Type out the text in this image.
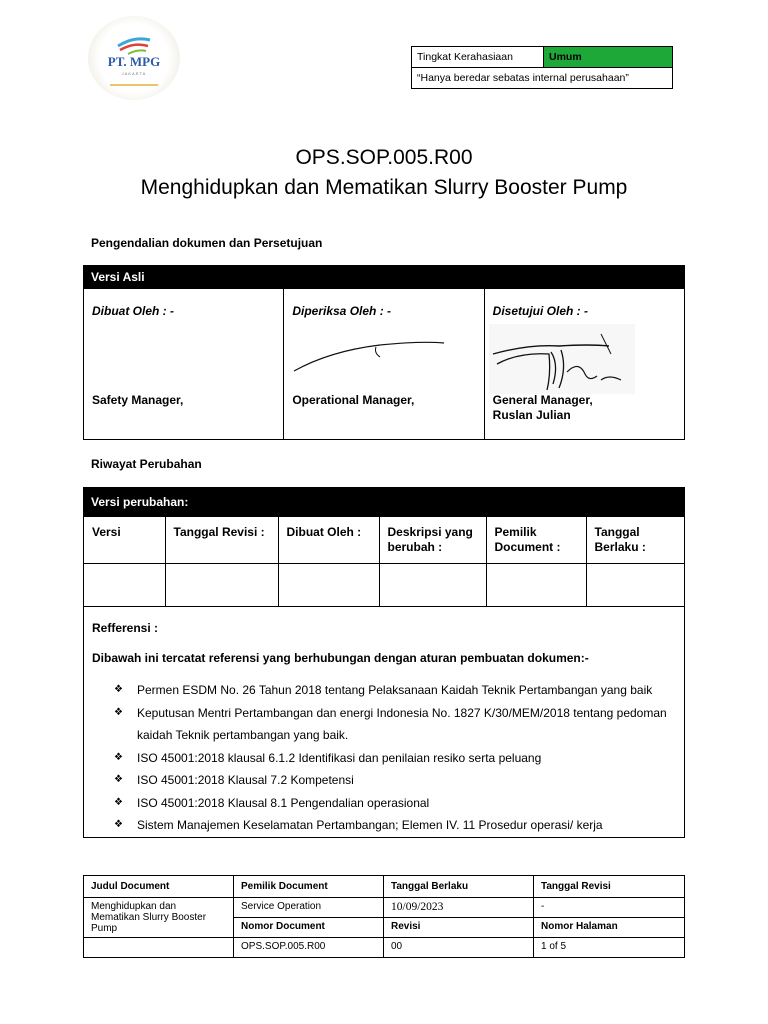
PT. MPG
JAKARTA
Tingkat Kerahasiaan	Umum
“Hanya beredar sebatas internal perusahaan”
OPS.SOP.005.R00
Menghidupkan dan Mematikan Slurry Booster Pump
Pengendalian dokumen dan Persetujuan
Versi Asli
Dibuat Oleh : -
Safety Manager,
Diperiksa Oleh : -
Operational Manager,
Disetujui Oleh : -
General Manager,
Ruslan Julian
Riwayat Perubahan
Versi perubahan:
Versi	Tanggal Revisi :	Dibuat Oleh :	Deskripsi yang berubah :	Pemilik Document :	Tanggal Berlaku :

Refferensi :
Dibawah ini tercatat referensi yang berhubungan dengan aturan pembuatan dokumen:-
❖ Permen ESDM No. 26 Tahun 2018 tentang Pelaksanaan Kaidah Teknik Pertambangan yang baik
❖ Keputusan Mentri Pertambangan dan energi Indonesia No. 1827 K/30/MEM/2018 tentang pedoman kaidah Teknik pertambangan yang baik.
❖ ISO 45001:2018 klausal 6.1.2 Identifikasi dan penilaian resiko serta peluang
❖ ISO 45001:2018 Klausal 7.2 Kompetensi
❖ ISO 45001:2018 Klausal 8.1 Pengendalian operasional
❖ Sistem Manajemen Keselamatan Pertambangan; Elemen IV. 11 Prosedur operasi/ kerja
Judul Document	Pemilik Document	Tanggal Berlaku	Tanggal Revisi
Menghidupkan dan Mematikan Slurry Booster Pump	Service Operation	10/09/2023	-
	Nomor Document	Revisi	Nomor Halaman
	OPS.SOP.005.R00	00	1 of 5
